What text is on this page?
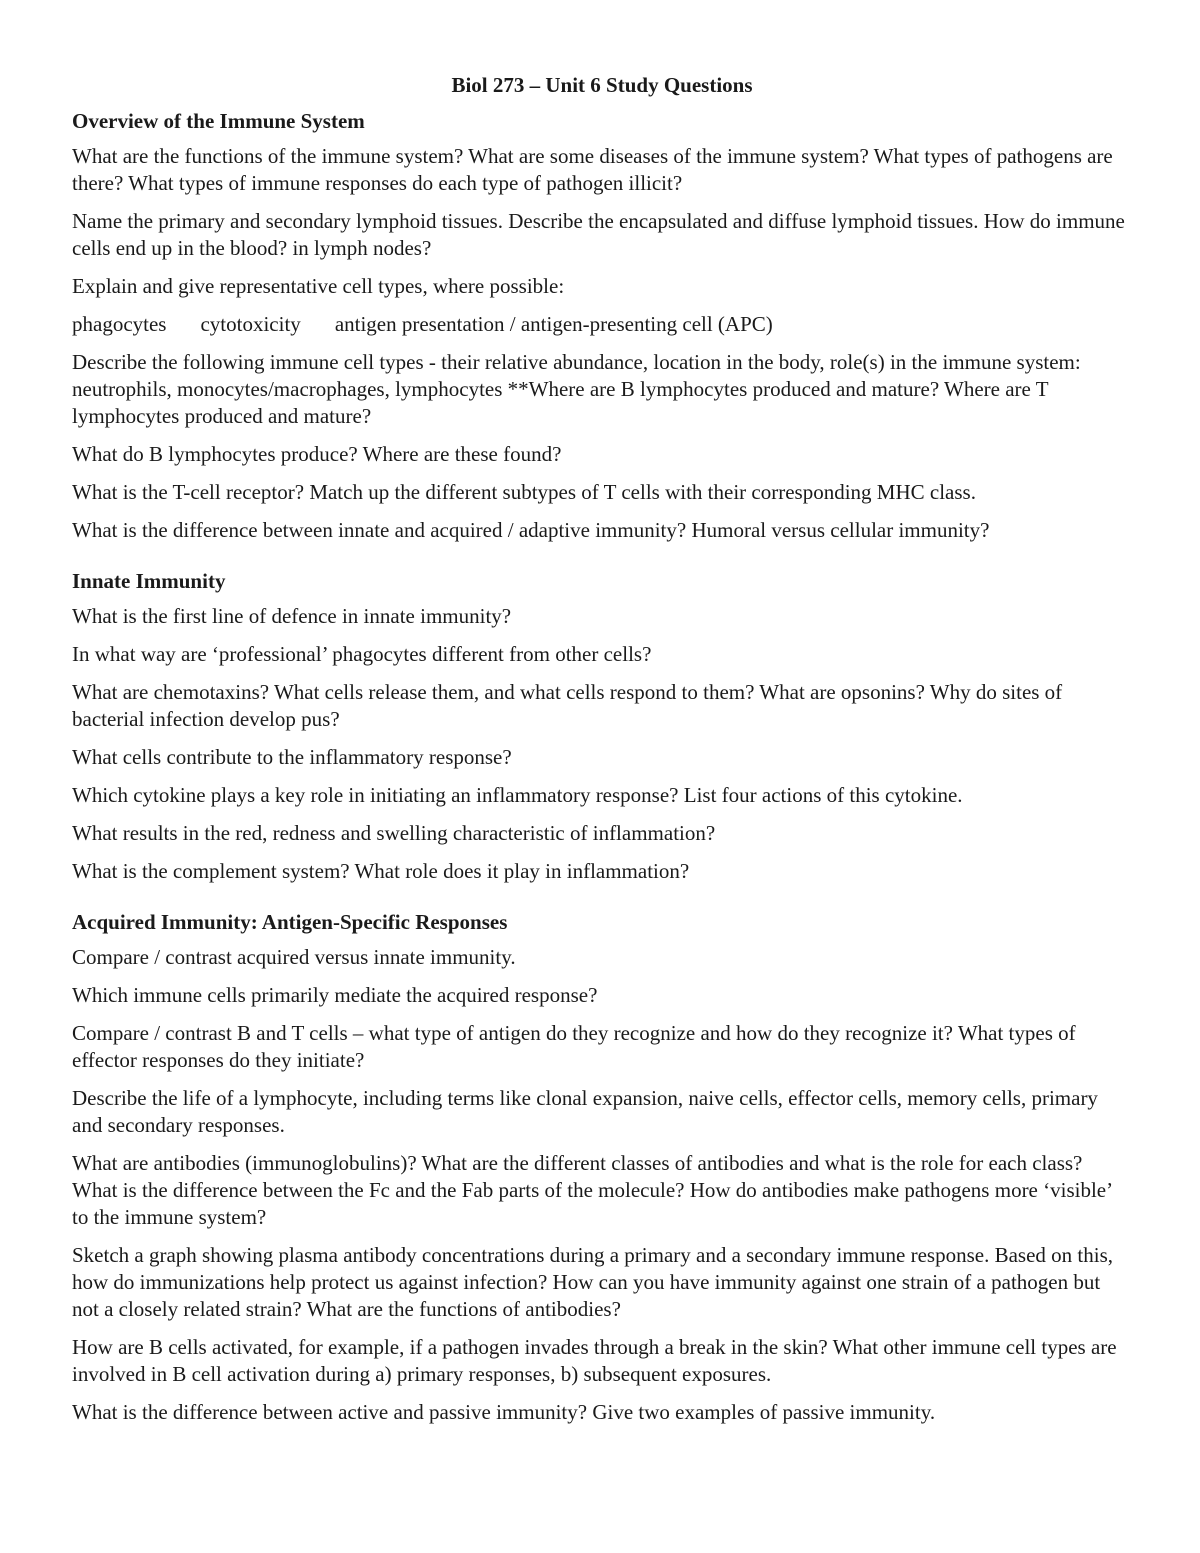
Biol 273 – Unit 6 Study Questions
Overview of the Immune System

What are the functions of the immune system? What are some diseases of the immune system? What types of pathogens are there? What types of immune responses do each type of pathogen illicit?

Name the primary and secondary lymphoid tissues. Describe the encapsulated and diffuse lymphoid tissues. How do immune cells end up in the blood? in lymph nodes?

Explain and give representative cell types, where possible:

phagocytes cytotoxicity antigen presentation / antigen-presenting cell (APC)

Describe the following immune cell types - their relative abundance, location in the body, role(s) in the immune system: neutrophils, monocytes/macrophages, lymphocytes **Where are B lymphocytes produced and mature? Where are T lymphocytes produced and mature?

What do B lymphocytes produce? Where are these found?

What is the T-cell receptor? Match up the different subtypes of T cells with their corresponding MHC class.

What is the difference between innate and acquired / adaptive immunity? Humoral versus cellular immunity?

Innate Immunity

What is the first line of defence in innate immunity?

In what way are ‘professional’ phagocytes different from other cells?

What are chemotaxins? What cells release them, and what cells respond to them? What are opsonins? Why do sites of bacterial infection develop pus?

What cells contribute to the inflammatory response?

Which cytokine plays a key role in initiating an inflammatory response? List four actions of this cytokine.

What results in the red, redness and swelling characteristic of inflammation?

What is the complement system? What role does it play in inflammation?

Acquired Immunity: Antigen-Specific Responses

Compare / contrast acquired versus innate immunity.

Which immune cells primarily mediate the acquired response?

Compare / contrast B and T cells – what type of antigen do they recognize and how do they recognize it? What types of effector responses do they initiate?

Describe the life of a lymphocyte, including terms like clonal expansion, naive cells, effector cells, memory cells, primary and secondary responses.

What are antibodies (immunoglobulins)? What are the different classes of antibodies and what is the role for each class? What is the difference between the Fc and the Fab parts of the molecule? How do antibodies make pathogens more ‘visible’ to the immune system?

Sketch a graph showing plasma antibody concentrations during a primary and a secondary immune response. Based on this, how do immunizations help protect us against infection? How can you have immunity against one strain of a pathogen but not a closely related strain? What are the functions of antibodies?

How are B cells activated, for example, if a pathogen invades through a break in the skin? What other immune cell types are involved in B cell activation during a) primary responses, b) subsequent exposures.

What is the difference between active and passive immunity? Give two examples of passive immunity.
